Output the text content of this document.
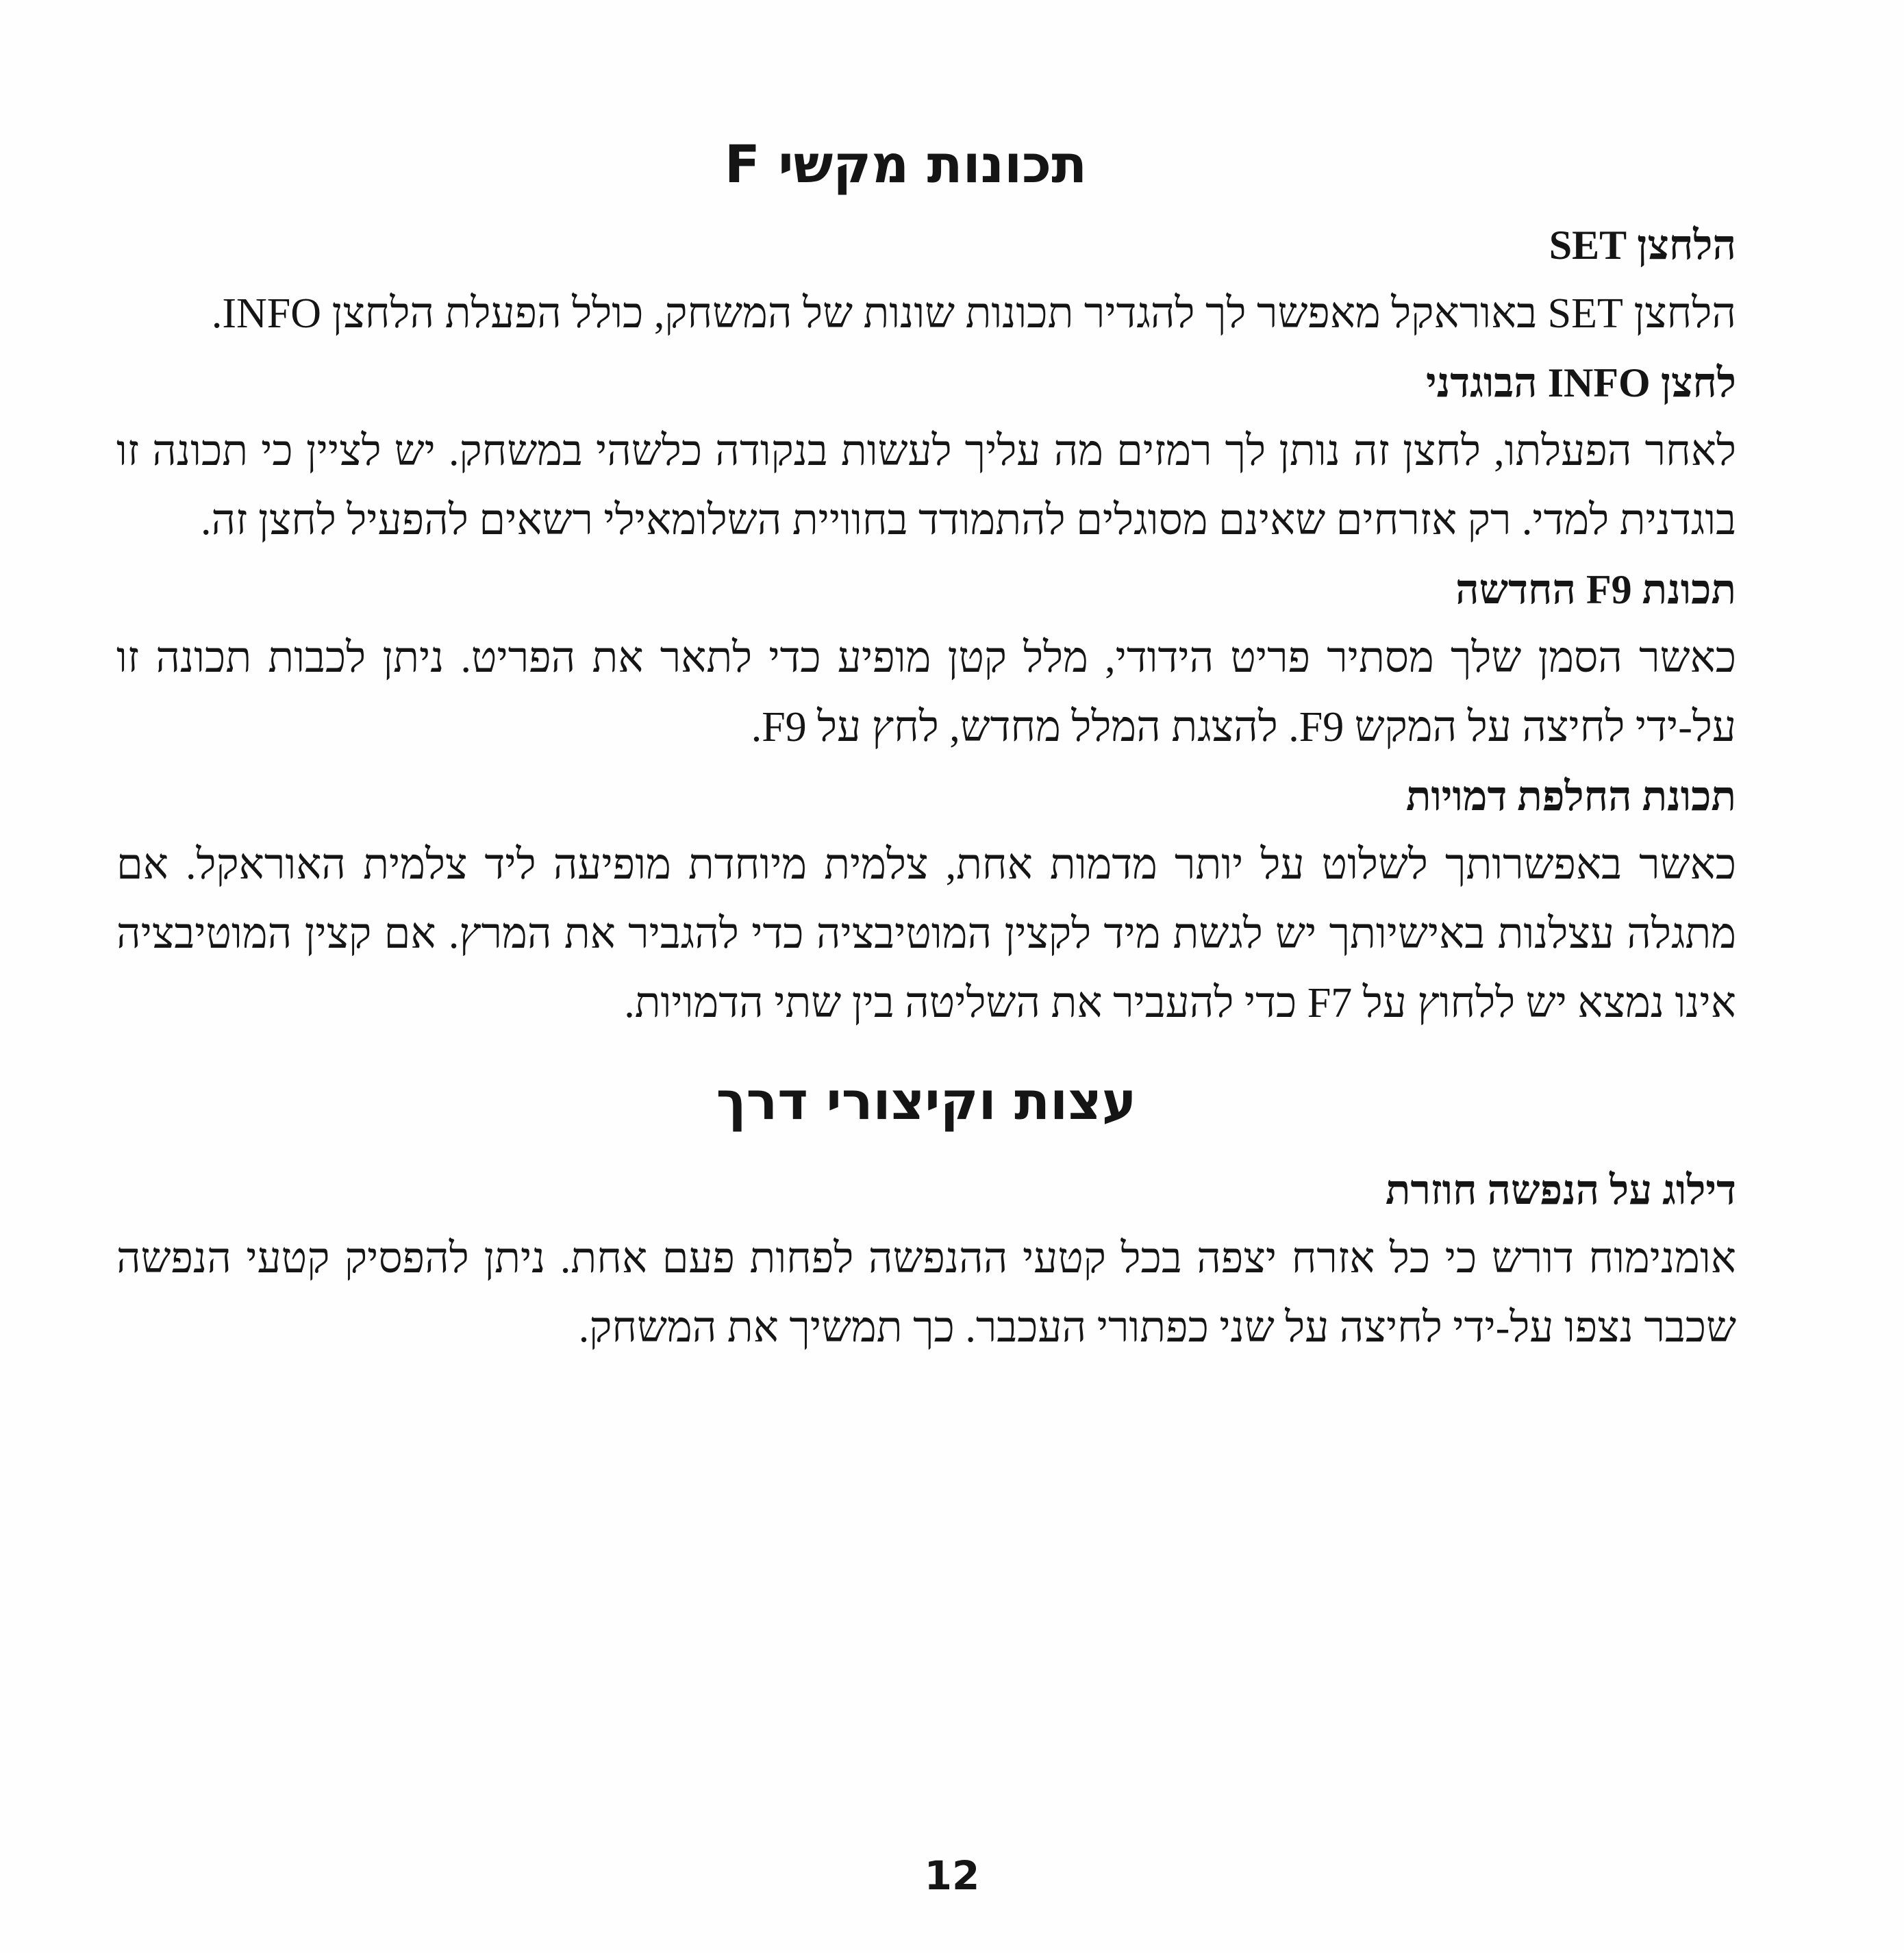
תכונות מקשי F
הלחצן SET

הלחצן SET באוראקל מאפשר לך להגדיר תכונות שונות של המשחק, כולל הפעלת הלחצן INFO.

לחצן INFO הבוגדני

לאחר הפעלתו, לחצן זה נותן לך רמזים מה עליך לעשות בנקודה כלשהי במשחק. יש לציין כי תכונה זו בוגדנית למדי. רק אזרחים שאינם מסוגלים להתמודד בחוויית השלומאילי רשאים להפעיל לחצן זה.

תכונת F9 החדשה

כאשר הסמן שלך מסתיר פריט הידודי, מלל קטן מופיע כדי לתאר את הפריט. ניתן לכבות תכונה זו על-ידי לחיצה על המקש F9. להצגת המלל מחדש, לחץ על F9.

תכונת החלפת דמויות

כאשר באפשרותך לשלוט על יותר מדמות אחת, צלמית מיוחדת מופיעה ליד צלמית האוראקל. אם מתגלה עצלנות באישיותך יש לגשת מיד לקצין המוטיבציה כדי להגביר את המרץ. אם קצין המוטיבציה אינו נמצא יש ללחוץ על F7 כדי להעביר את השליטה בין שתי הדמויות.

עצות וקיצורי דרך
דילוג על הנפשה חוזרת

אומנימוח דורש כי כל אזרח יצפה בכל קטעי ההנפשה לפחות פעם אחת. ניתן להפסיק קטעי הנפשה שכבר נצפו על-ידי לחיצה על שני כפתורי העכבר. כך תמשיך את המשחק.

12
